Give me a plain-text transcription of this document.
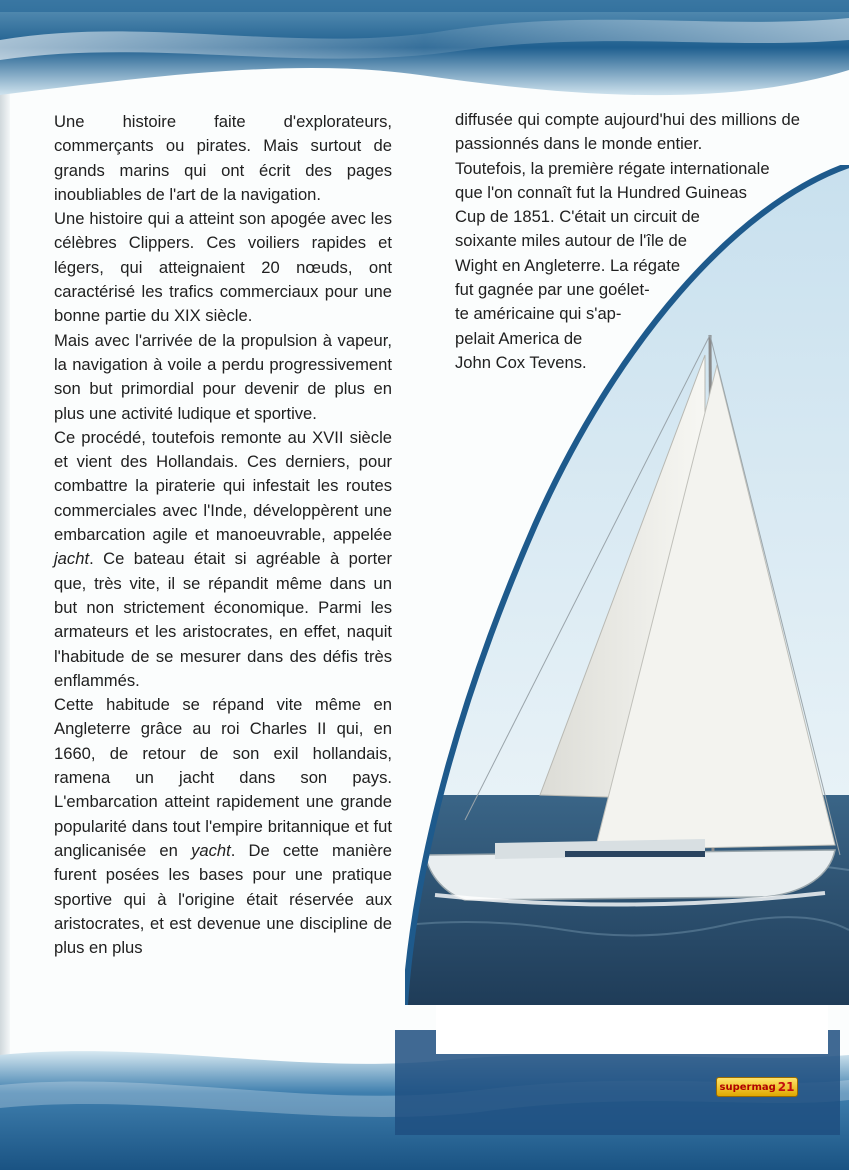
Une histoire faite d'explorateurs, commerçants ou pirates. Mais surtout de grands marins qui ont écrit des pages inoubliables de l'art de la navigation.

Une histoire qui a atteint son apogée avec les célèbres Clippers. Ces voiliers rapides et légers, qui atteignaient 20 nœuds, ont caractérisé les trafics commerciaux pour une bonne partie du XIX siècle.

Mais avec l'arrivée de la propulsion à vapeur, la navigation à voile a perdu progressivement son but primordial pour devenir de plus en plus une activité ludique et sportive.

Ce procédé, toutefois remonte au XVII siècle et vient des Hollandais. Ces derniers, pour combattre la piraterie qui infestait les routes commerciales avec l'Inde, développèrent une embarcation agile et manoeuvrable, appelée jacht. Ce bateau était si agréable à porter que, très vite, il se répandit même dans un but non strictement économique. Parmi les armateurs et les aristocrates, en effet, naquit l'habitude de se mesurer dans des défis très enflammés.

Cette habitude se répand vite même en Angleterre grâce au roi Charles II qui, en 1660, de retour de son exil hollandais, ramena un jacht dans son pays. L'embarcation atteint rapidement une grande popularité dans tout l'empire britannique et fut anglicanisée en yacht. De cette manière furent posées les bases pour une pratique sportive qui à l'origine était réservée aux aristocrates, et est devenue une discipline de plus en plus

diffusée qui compte aujourd'hui des millions de passionnés dans le monde entier.

Toutefois, la première régate internationale
que l'on connaît fut la Hundred Guineas
Cup de 1851. C'était un circuit de
soixante miles autour de l'île de
Wight en Angleterre. La régate
fut gagnée par une goélet-
te américaine qui s'ap-
pelait America de
John Cox Tevens.
supermag 21
